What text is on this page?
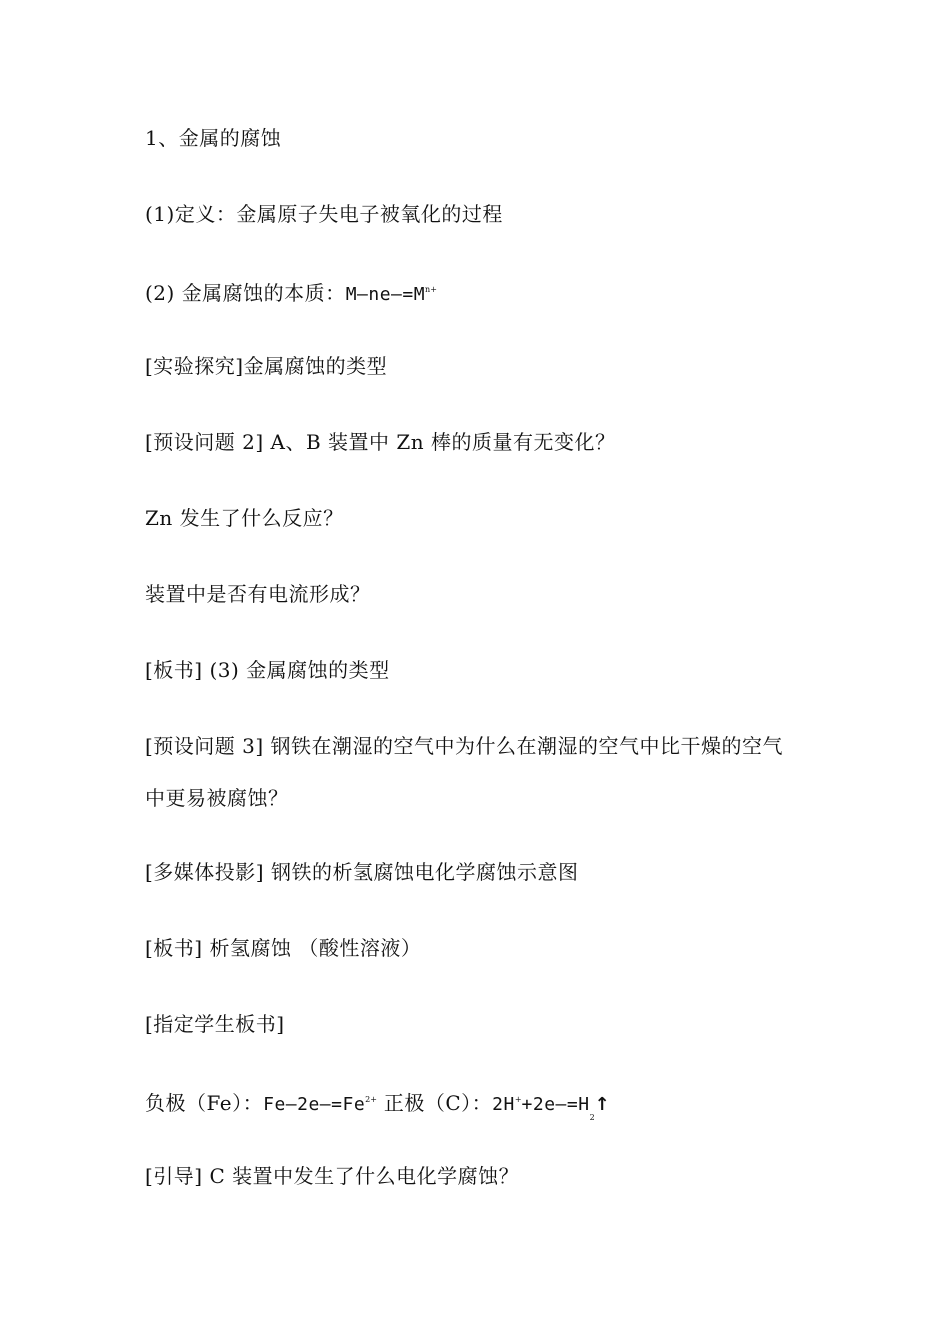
1、金属的腐蚀
(1)定义：金属原子失电子被氧化的过程
(2) 金属腐蚀的本质：$M—ne-=M^{n+}$
[实验探究]金属腐蚀的类型
[预设问题 2] A、B 装置中 Zn 棒的质量有无变化？
Zn 发生了什么反应？
装置中是否有电流形成？
[板书] (3) 金属腐蚀的类型
[预设问题 3] 钢铁在潮湿的空气中为什么在潮湿的空气中比干燥的空气
中更易被腐蚀？
[多媒体投影] 钢铁的析氢腐蚀电化学腐蚀示意图
[板书] 析氢腐蚀 （酸性溶液）
[指定学生板书]
负极（Fe）：$Fe—2e-=Fe^{2+}$ 正极（C）：$2H^++2e-=H_2↑$
[引导] C 装置中发生了什么电化学腐蚀？
